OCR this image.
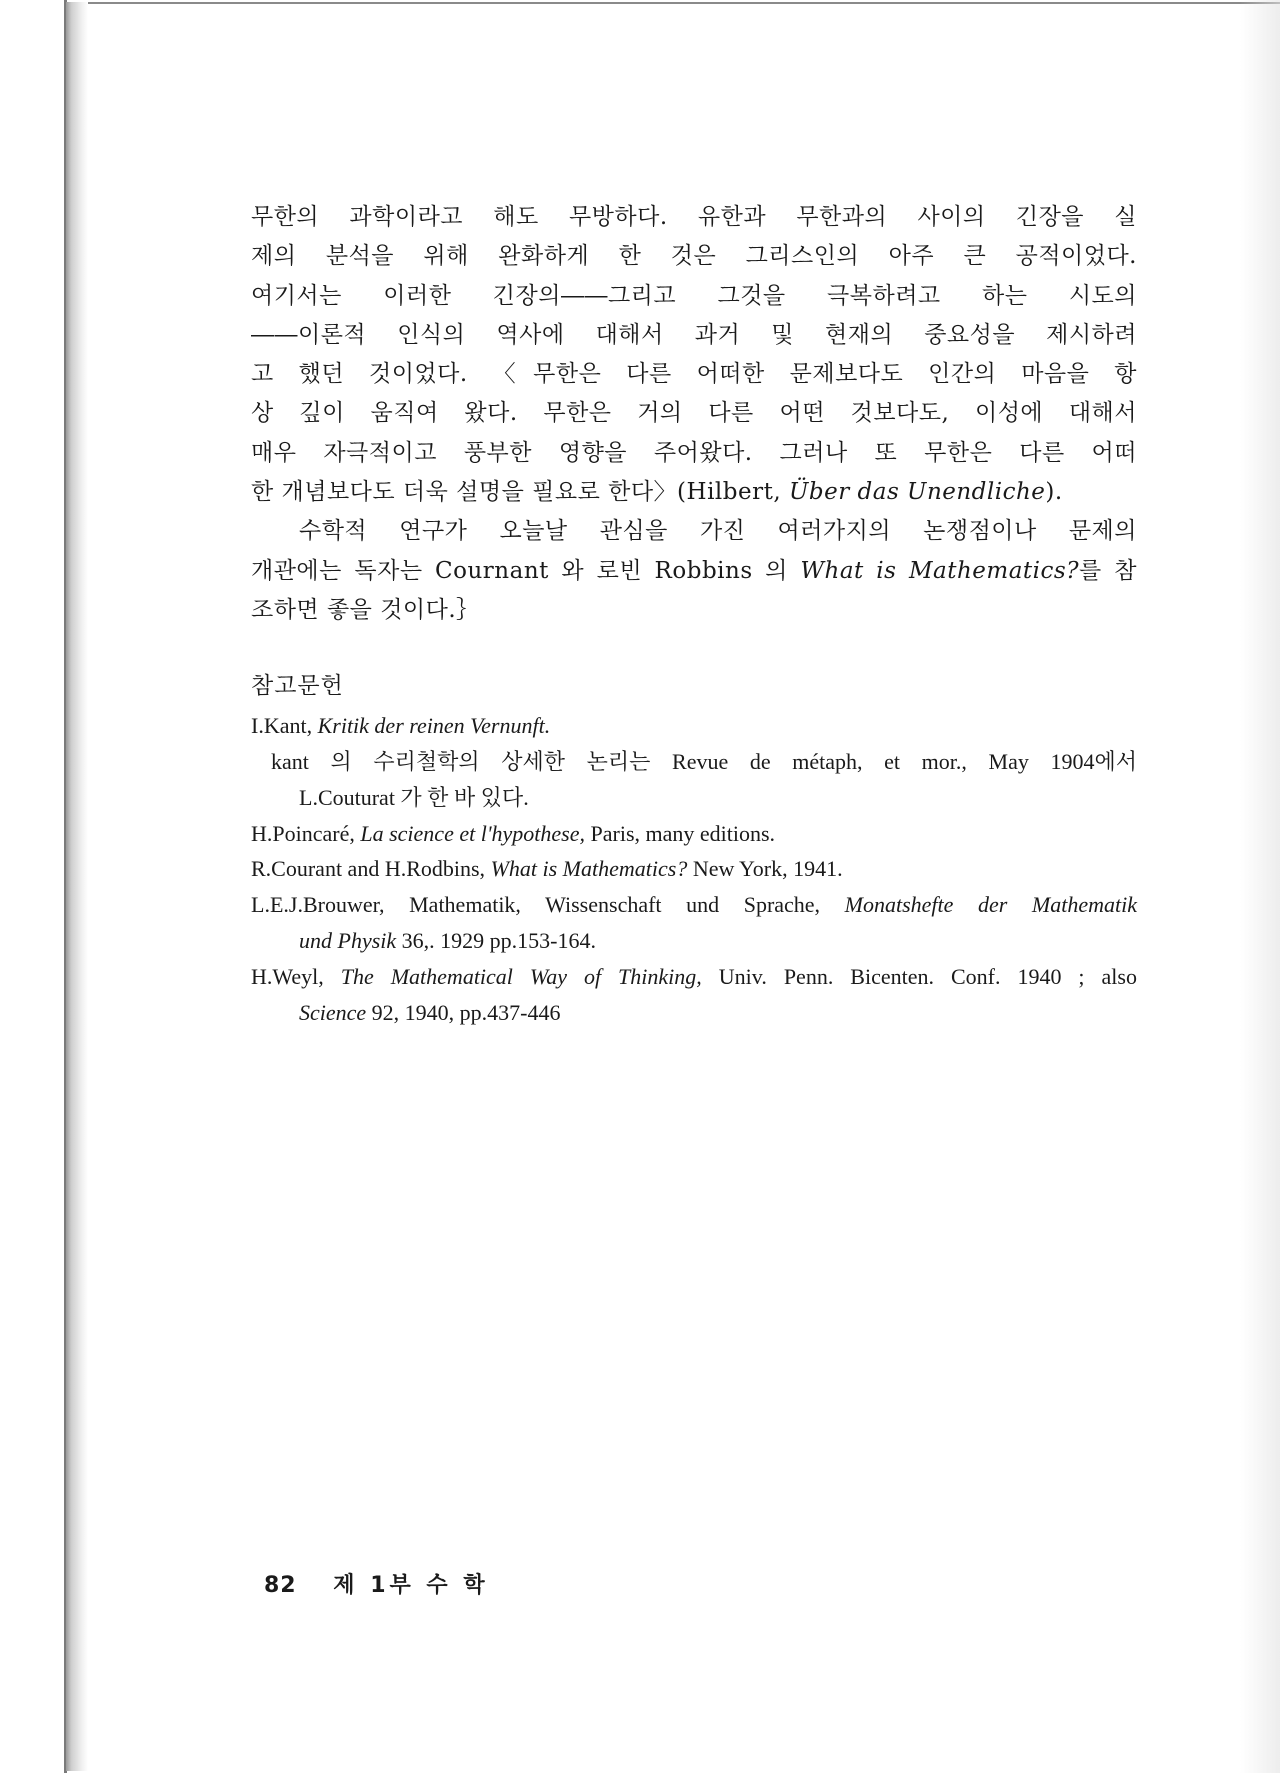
무한의 과학이라고 해도 무방하다. 유한과 무한과의 사이의 긴장을 실
제의 분석을 위해 완화하게 한 것은 그리스인의 아주 큰 공적이었다.
여기서는 이러한 긴장의――그리고 그것을 극복하려고 하는 시도의
――이론적 인식의 역사에 대해서 과거 및 현재의 중요성을 제시하려
고 했던 것이었다. 〈무한은 다른 어떠한 문제보다도 인간의 마음을 항
상 깊이 움직여 왔다. 무한은 거의 다른 어떤 것보다도, 이성에 대해서
매우 자극적이고 풍부한 영향을 주어왔다. 그러나 또 무한은 다른 어떠
한 개념보다도 더욱 설명을 필요로 한다〉(Hilbert, Über das Unendliche).

수학적 연구가 오늘날 관심을 가진 여러가지의 논쟁점이나 문제의
개관에는 독자는 Cournant 와 로빈 Robbins 의 What is Mathematics?를 참
조하면 좋을 것이다.｝

참고문헌
I.Kant, Kritik der reinen Vernunft.
kant 의 수리철학의 상세한 논리는 Revue de métaph, et mor., May 1904에서
L.Couturat 가 한 바 있다.
H.Poincaré, La science et l'hypothese, Paris, many editions.
R.Courant and H.Rodbins, What is Mathematics? New York, 1941.
L.E.J.Brouwer, Mathematik, Wissenschaft und Sprache, Monatshefte der Mathematik
und Physik 36,. 1929 pp.153-164.
H.Weyl, The Mathematical Way of Thinking, Univ. Penn. Bicenten. Conf. 1940 ; also
Science 92, 1940, pp.437-446
82 제 1부 수 학
